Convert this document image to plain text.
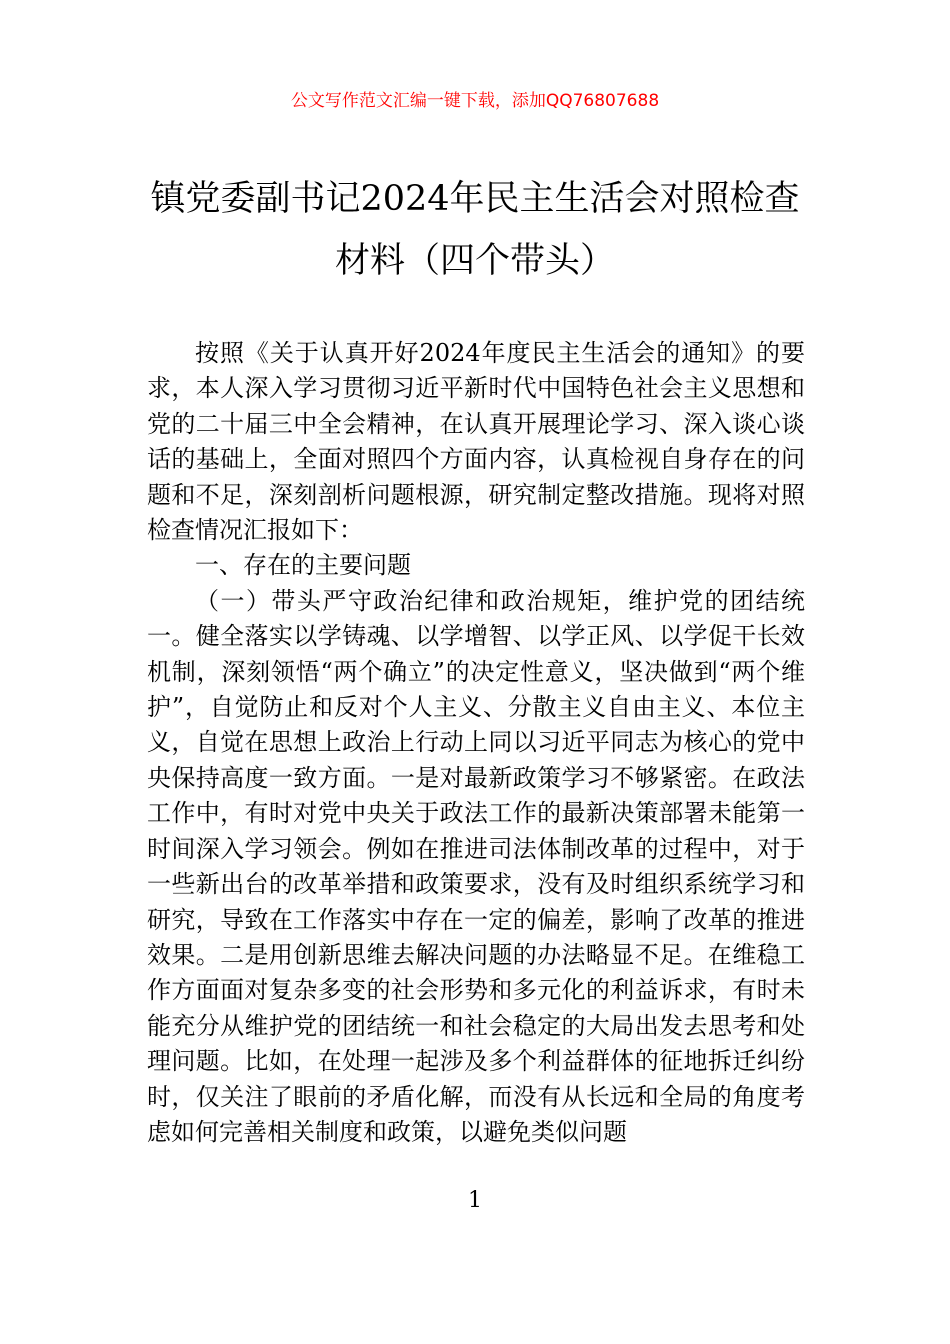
公文写作范文汇编一键下载，添加QQ76807688
镇党委副书记2024年民主生活会对照检查
材料（四个带头）

按照《关于认真开好2024年度民主生活会的通知》的要求，本人深入学习贯彻习近平新时代中国特色社会主义思想和党的二十届三中全会精神，在认真开展理论学习、深入谈心谈话的基础上，全面对照四个方面内容，认真检视自身存在的问题和不足，深刻剖析问题根源，研究制定整改措施。现将对照检查情况汇报如下：

一、存在的主要问题

（一）带头严守政治纪律和政治规矩，维护党的团结统一。健全落实以学铸魂、以学增智、以学正风、以学促干长效机制，深刻领悟“两个确立”的决定性意义，坚决做到“两个维护”，自觉防止和反对个人主义、分散主义自由主义、本位主义，自觉在思想上政治上行动上同以习近平同志为核心的党中央保持高度一致方面。一是对最新政策学习不够紧密。在政法工作中，有时对党中央关于政法工作的最新决策部署未能第一时间深入学习领会。例如在推进司法体制改革的过程中，对于一些新出台的改革举措和政策要求，没有及时组织系统学习和研究，导致在工作落实中存在一定的偏差，影响了改革的推进效果。二是用创新思维去解决问题的办法略显不足。在维稳工作方面面对复杂多变的社会形势和多元化的利益诉求，有时未能充分从维护党的团结统一和社会稳定的大局出发去思考和处理问题。比如，在处理一起涉及多个利益群体的征地拆迁纠纷时，仅关注了眼前的矛盾化解，而没有从长远和全局的角度考虑如何完善相关制度和政策，以避免类似问题

1
